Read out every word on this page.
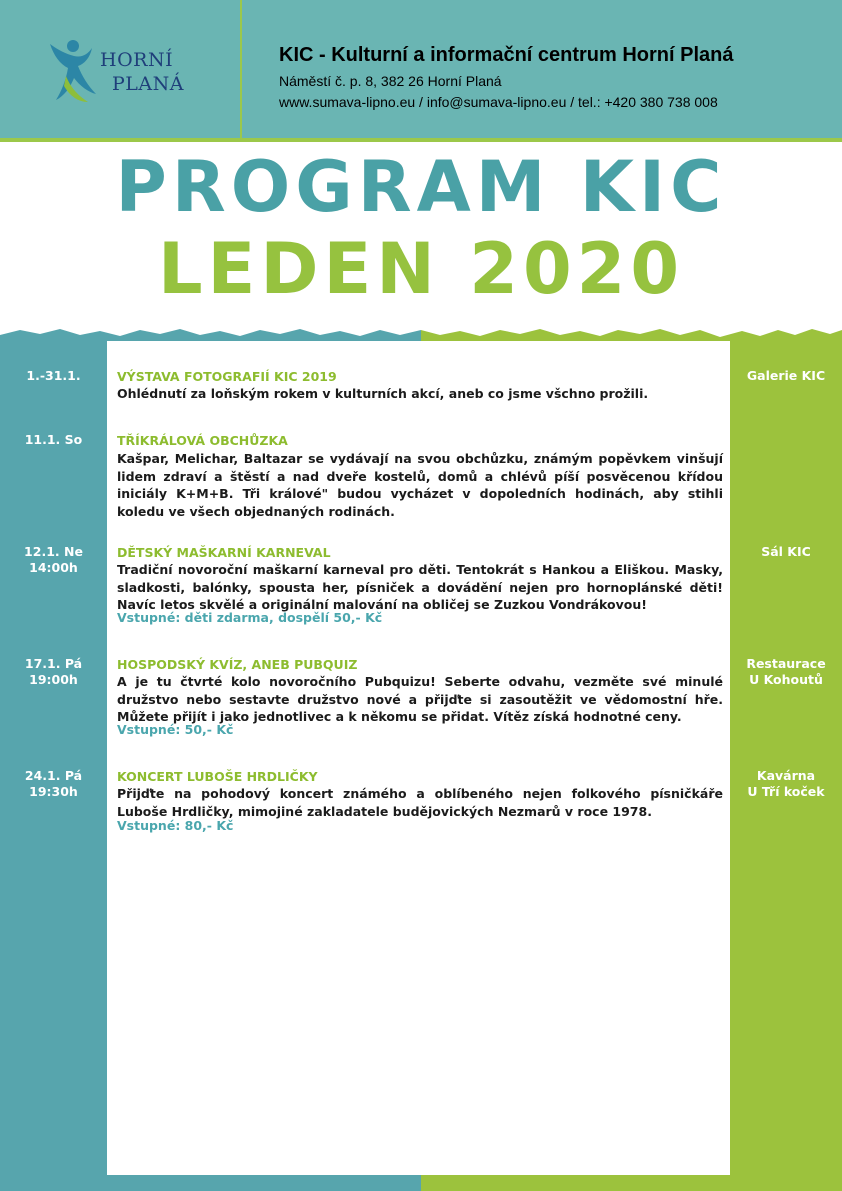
HORNÍ
PLANÁ
KIC - Kulturní a informační centrum Horní Planá
Náměstí č. p. 8, 382 26 Horní Planá
www.sumava-lipno.eu / info@sumava-lipno.eu / tel.: +420 380 738 008
PROGRAM KIC
LEDEN 2020
1.-31.1.	VÝSTAVA FOTOGRAFIÍ KIC 2019
Ohlédnutí za loňským rokem v kulturních akcí, aneb co jsme všchno prožili.
Galerie KIC
11.1. So	TŘÍKRÁLOVÁ OBCHŮZKA
Kašpar, Melichar, Baltazar se vydávají na svou obchůzku, známým popěvkem vinšují lidem zdraví a štěstí a nad dveře kostelů, domů a chlévů píší posvěcenou křídou iniciály K+M+B. Tři králové" budou vycházet v dopoledních hodinách, aby stihli koledu ve všech objednaných rodinách.
12.1. Ne
14:00h
DĚTSKÝ MAŠKARNÍ KARNEVAL
Tradiční novoroční maškarní karneval pro děti. Tentokrát s Hankou a Eliškou. Masky, sladkosti, balónky, spousta her, písniček a dovádění nejen pro hornoplánské děti! Navíc letos skvělé a originální malování na obličej se Zuzkou Vondrákovou!
Vstupné: děti zdarma, dospělí 50,- Kč
Sál KIC
17.1. Pá
19:00h
HOSPODSKÝ KVÍZ, ANEB PUBQUIZ
A je tu čtvrté kolo novoročního Pubquizu! Seberte odvahu, vezměte své minulé družstvo nebo sestavte družstvo nové a přijďte si zasoutěžit ve vědomostní hře. Můžete přijít i jako jednotlivec a k někomu se přidat. Vítěz získá hodnotné ceny.
Vstupné: 50,- Kč
Restaurace
U Kohoutů
24.1. Pá
19:30h
KONCERT LUBOŠE HRDLIČKY
Přijďte na pohodový koncert známého a oblíbeného nejen folkového písničkáře Luboše Hrdličky, mimojiné zakladatele budějovických Nezmarů v roce 1978.
Vstupné: 80,- Kč
Kavárna
U Tří koček
